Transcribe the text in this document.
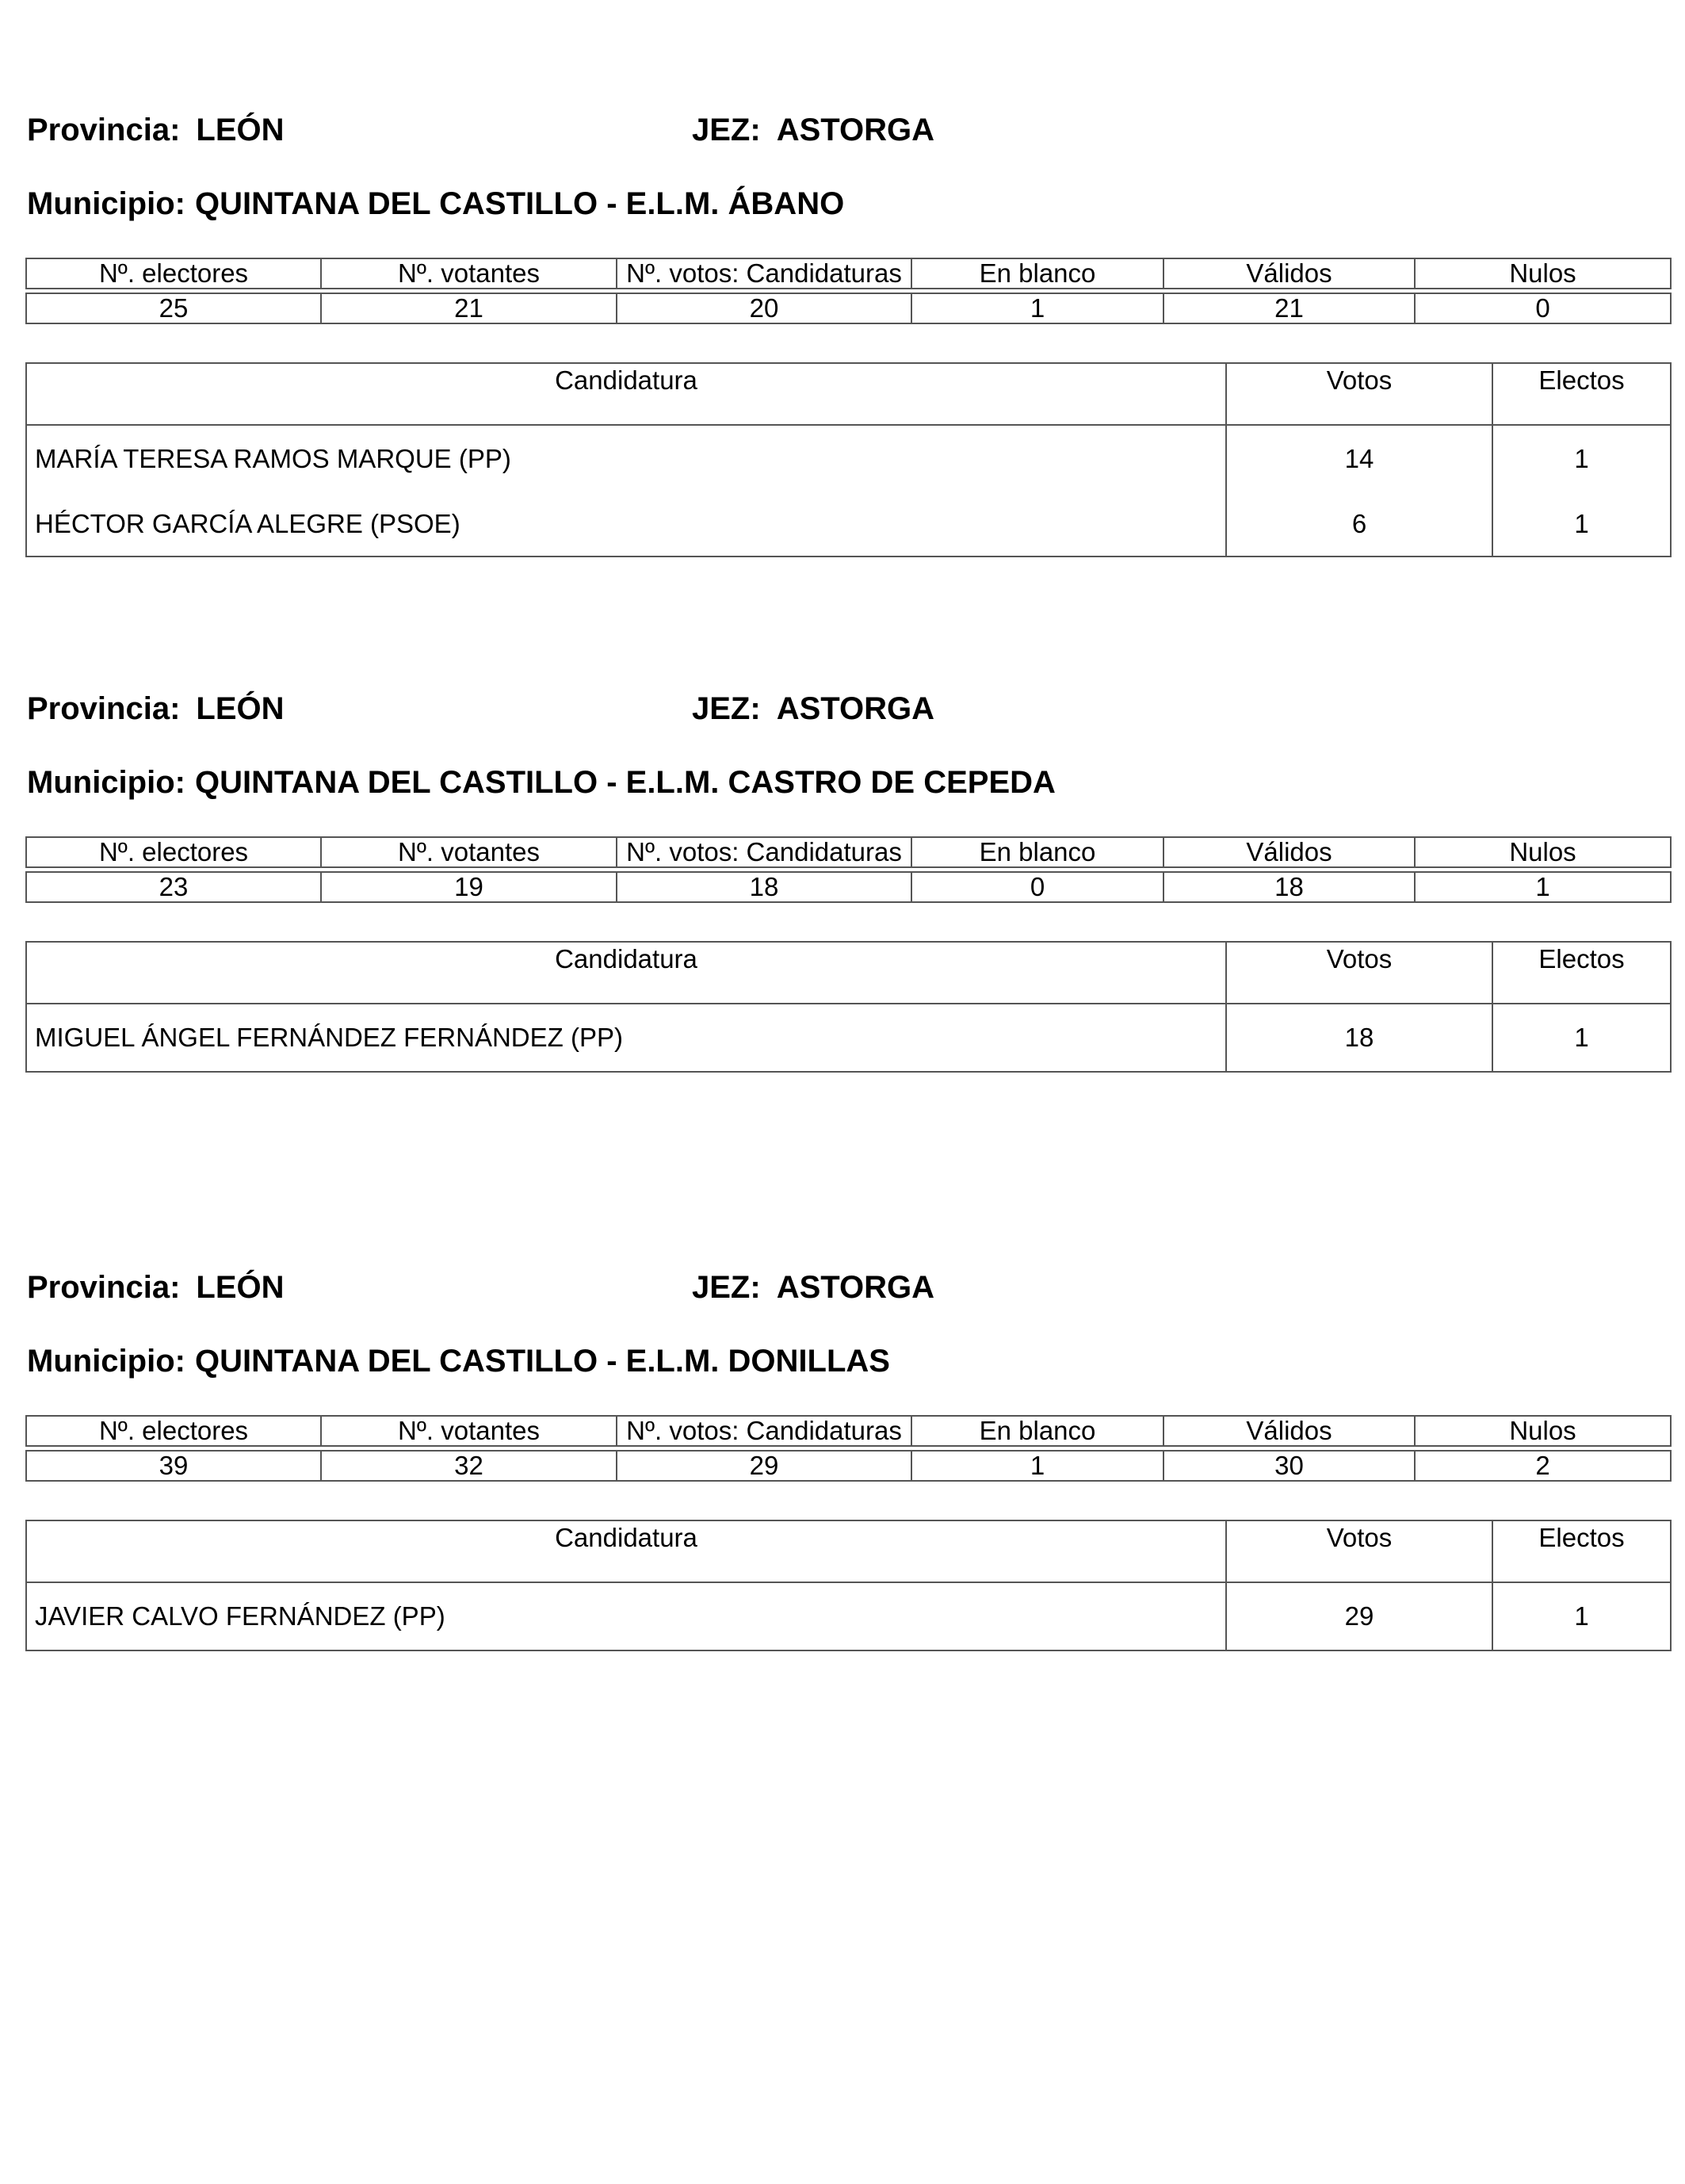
Provincia: LEÓN	JEZ: ASTORGA
Municipio: QUINTANA DEL CASTILLO - E.L.M. ÁBANO
Nº. electores	Nº. votantes	Nº. votos: Candidaturas	En blanco	Válidos	Nulos
25	21	20	1	21	0
Candidatura	Votos	Electos
MARÍA TERESA RAMOS MARQUE (PP)	14	1
HÉCTOR GARCÍA ALEGRE (PSOE)	6	1
Provincia: LEÓN	JEZ: ASTORGA
Municipio: QUINTANA DEL CASTILLO - E.L.M. CASTRO DE CEPEDA
Nº. electores	Nº. votantes	Nº. votos: Candidaturas	En blanco	Válidos	Nulos
23	19	18	0	18	1
Candidatura	Votos	Electos
MIGUEL ÁNGEL FERNÁNDEZ FERNÁNDEZ (PP)	18	1
Provincia: LEÓN	JEZ: ASTORGA
Municipio: QUINTANA DEL CASTILLO - E.L.M. DONILLAS
Nº. electores	Nº. votantes	Nº. votos: Candidaturas	En blanco	Válidos	Nulos
39	32	29	1	30	2
Candidatura	Votos	Electos
JAVIER CALVO FERNÁNDEZ (PP)	29	1
